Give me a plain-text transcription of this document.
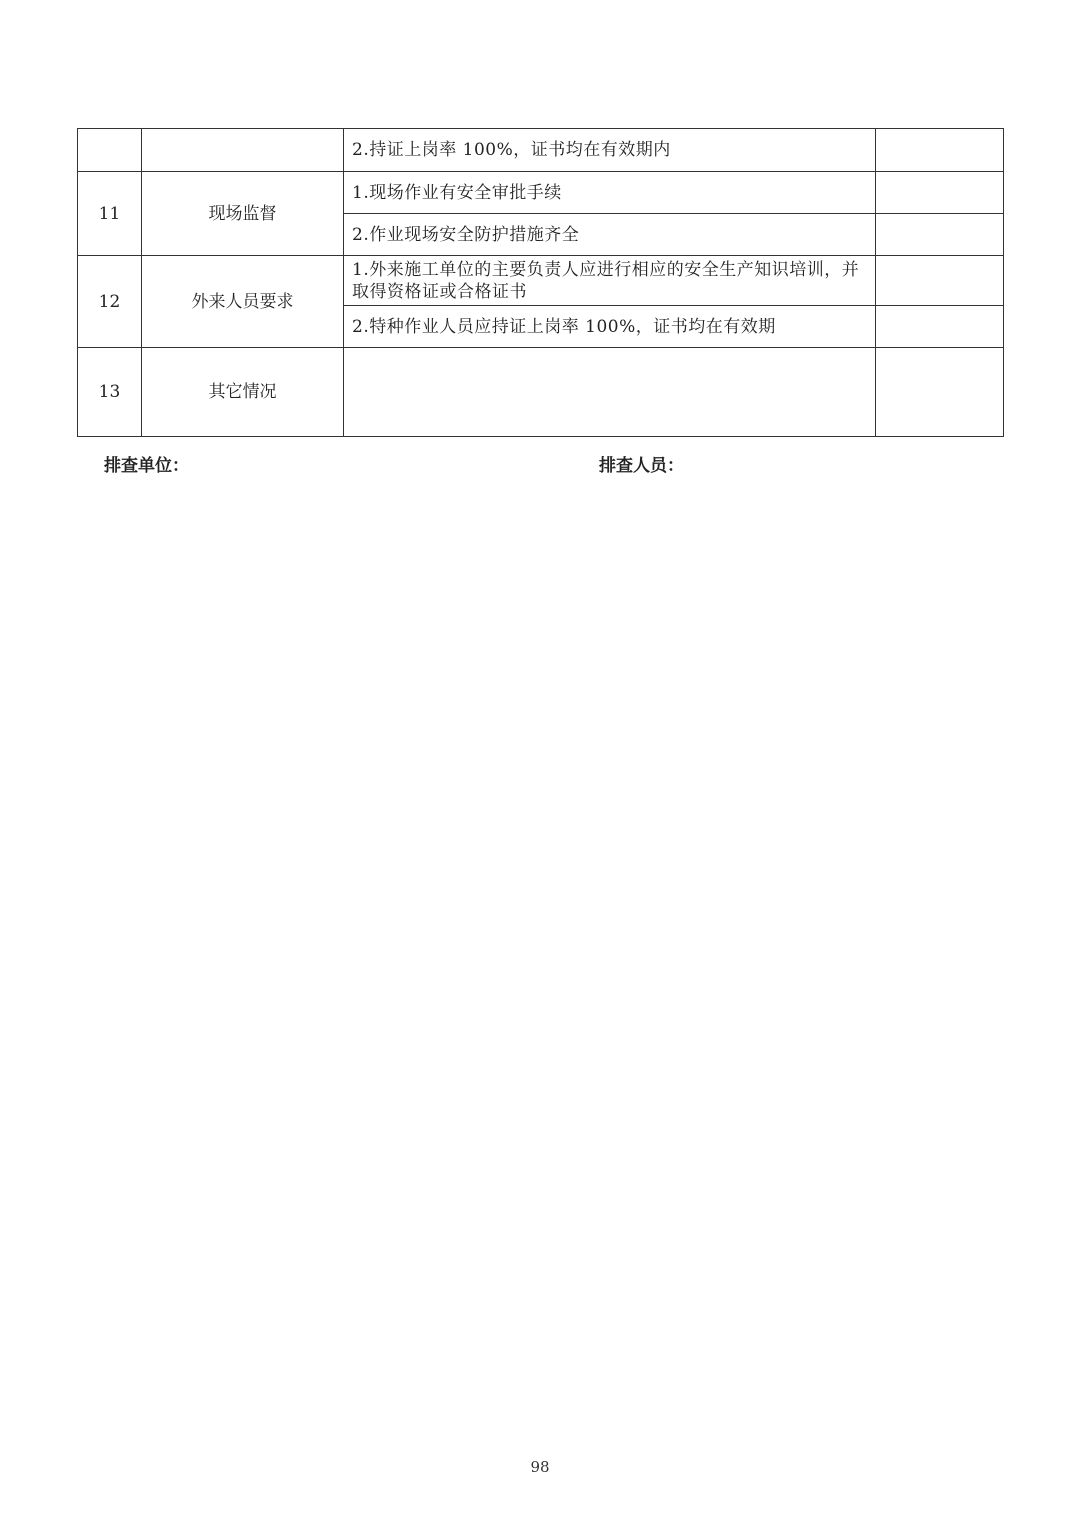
		2.持证上岗率 100%，证书均在有效期内	
11	现场监督	1.现场作业有安全审批手续	
		2.作业现场安全防护措施齐全	
12	外来人员要求	1.外来施工单位的主要负责人应进行相应的安全生产知识培训，并取得资格证或合格证书	
		2.特种作业人员应持证上岗率 100%，证书均在有效期	
13	其它情况		
排查单位：	排查人员：
98
